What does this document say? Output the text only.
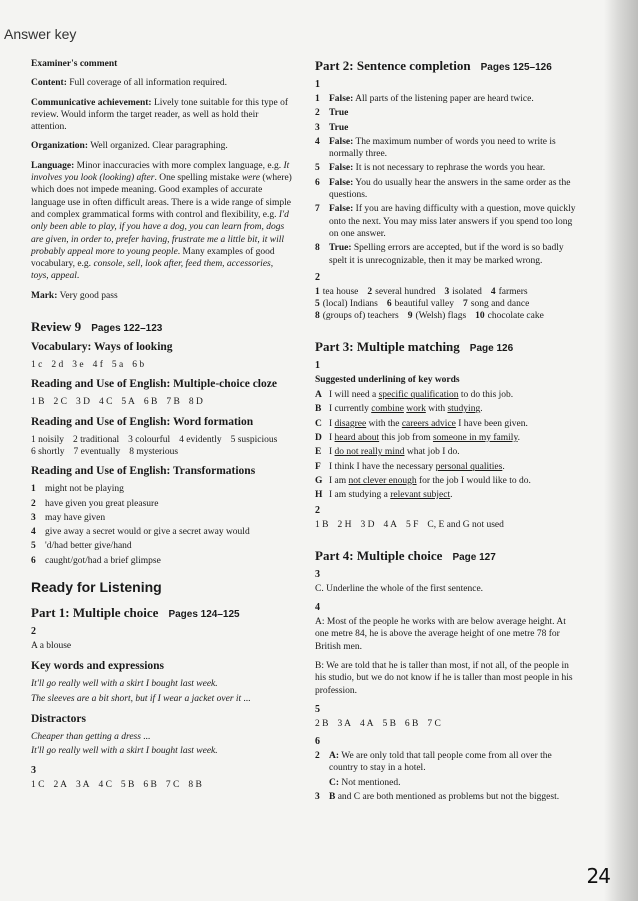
Answer key

Examiner's comment

Content: Full coverage of all information required.

Communicative achievement: Lively tone suitable for this type of review. Would inform the target reader, as well as hold their attention.

Organization: Well organized. Clear paragraphing.

Language: Minor inaccuracies with more complex language, e.g. It involves you look (looking) after. One spelling mistake were (where) which does not impede meaning. Good examples of accurate language use in often difficult areas. There is a wide range of simple and complex grammatical forms with control and flexibility, e.g. I'd only been able to play, if you have a dog, you can learn from, dogs are given, in order to, prefer having, frustrate me a little bit, it will probably appeal more to young people. Many examples of good vocabulary, e.g. console, sell, look after, feed them, accessories, toys, appeal.

Mark: Very good pass

Review 9 Pages 122–123
Vocabulary: Ways of looking
1 c 2 d 3 e 4 f 5 a 6 b
Reading and Use of English: Multiple-choice cloze
1 B 2 C 3 D 4 C 5 A 6 B 7 B 8 D
Reading and Use of English: Word formation
1 noisily 2 traditional 3 colourful 4 evidently 5 suspicious
6 shortly 7 eventually 8 mysterious
Reading and Use of English: Transformations
1 might not be playing
2 have given you great pleasure
3 may have given
4 give away a secret would or give a secret away would
5 'd/had better give/hand
6 caught/got/had a brief glimpse
Ready for Listening
Part 1: Multiple choice Pages 124–125
2

A a blouse

Key words and expressions

It'll go really well with a skirt I bought last week.

The sleeves are a bit short, but if I wear a jacket over it ...

Distractors

Cheaper than getting a dress ...

It'll go really well with a skirt I bought last week.

3
1 C 2 A 3 A 4 C 5 B 6 B 7 C 8 B
Part 2: Sentence completion Pages 125–126
1
1 False: All parts of the listening paper are heard twice.
2 True
3 True
4 False: The maximum number of words you need to write is normally three.
5 False: It is not necessary to rephrase the words you hear.
6 False: You do usually hear the answers in the same order as the questions.
7 False: If you are having difficulty with a question, move quickly onto the next. You may miss later answers if you spend too long on one answer.
8 True: Spelling errors are accepted, but if the word is so badly spelt it is unrecognizable, then it may be marked wrong.
2
1 tea house 2 several hundred 3 isolated 4 farmers
5 (local) Indians 6 beautiful valley 7 song and dance
8 (groups of) teachers 9 (Welsh) flags 10 chocolate cake
Part 3: Multiple matching Page 126
1

Suggested underlining of key words

A I will need a specific qualification to do this job.
B I currently combine work with studying.
C I disagree with the careers advice I have been given.
D I heard about this job from someone in my family.
E I do not really mind what job I do.
F I think I have the necessary personal qualities.
G I am not clever enough for the job I would like to do.
H I am studying a relevant subject.
2
1 B 2 H 3 D 4 A 5 F C, E and G not used
Part 4: Multiple choice Page 127
3

C. Underline the whole of the first sentence.

4

A: Most of the people he works with are below average height. At one metre 84, he is above the average height of one metre 78 for British men.

B: We are told that he is taller than most, if not all, of the people in his studio, but we do not know if he is taller than most people in his profession.

5
2 B 3 A 4 A 5 B 6 B 7 C
6
2 A: We are only told that tall people come from all over the country to stay in a hotel.
C: Not mentioned.
3 B and C are both mentioned as problems but not the biggest.
24
